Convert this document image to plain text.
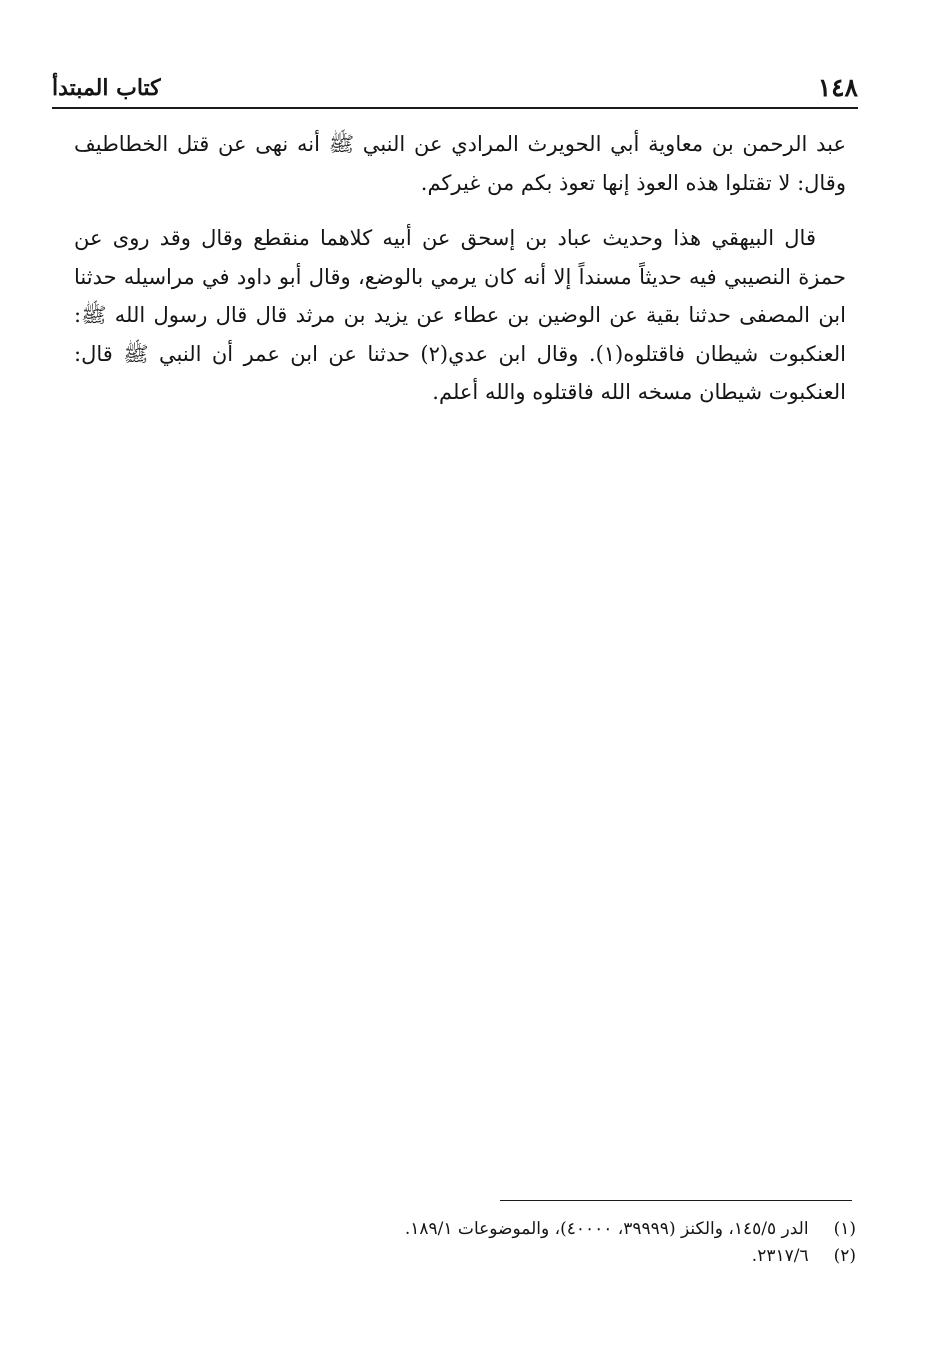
١٤٨
كتاب المبتدأ

عبد الرحمن بن معاوية أبي الحويرث المرادي عن النبي ﷺ أنه نهى عن قتل الخطاطيف وقال: لا تقتلوا هذه العوذ إنها تعوذ بكم من غيركم.

قال البيهقي هذا وحديث عباد بن إسحق عن أبيه كلاهما منقطع وقال وقد روى عن حمزة النصيبي فيه حديثاً مسنداً إلا أنه كان يرمي بالوضع، وقال أبو داود في مراسيله حدثنا ابن المصفى حدثنا بقية عن الوضين بن عطاء عن يزيد بن مرثد قال قال رسول الله ﷺ: العنكبوت شيطان فاقتلوه(١). وقال ابن عدي(٢) حدثنا عن ابن عمر أن النبي ﷺ قال: العنكبوت شيطان مسخه الله فاقتلوه والله أعلم.

(١) الدر ١٤٥/٥، والكنز (٣٩٩٩٩، ٤٠٠٠٠)، والموضوعات ١٨٩/١.
(٢) ٢٣١٧/٦.
